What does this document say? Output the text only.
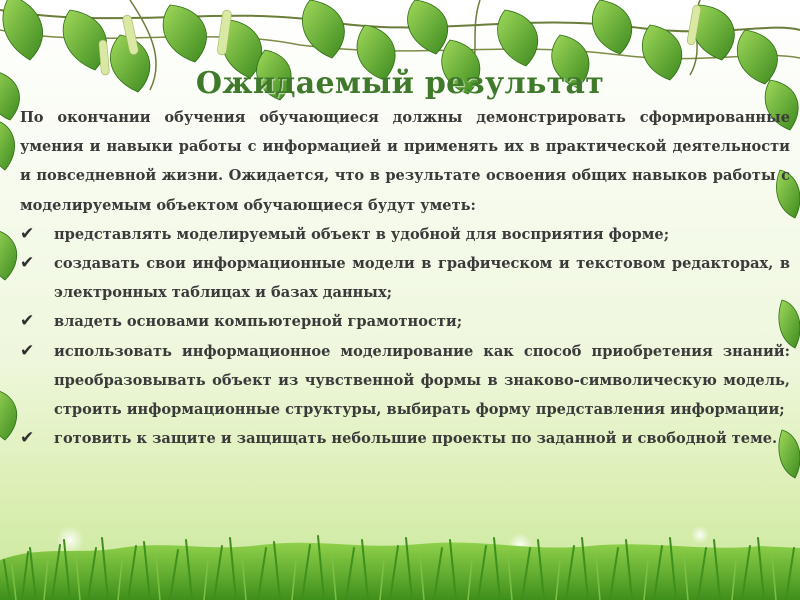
Ожидаемый результат

По окончании обучения обучающиеся должны демонстрировать сформированные умения и навыки работы с информацией и применять их в практической деятельности и повседневной жизни. Ожидается, что в результате освоения общих навыков работы с моделируемым объектом обучающиеся будут уметь:

✔ представлять моделируемый объект в удобной для восприятия форме;
✔ создавать свои информационные модели в графическом и текстовом редакторах, в электронных таблицах и базах данных;
✔ владеть основами компьютерной грамотности;
✔ использовать информационное моделирование как способ приобретения знаний: преобразовывать объект из чувственной формы в знаково-символическую модель, строить информационные структуры, выбирать форму представления информации;
✔ готовить к защите и защищать небольшие проекты по заданной и свободной теме.
